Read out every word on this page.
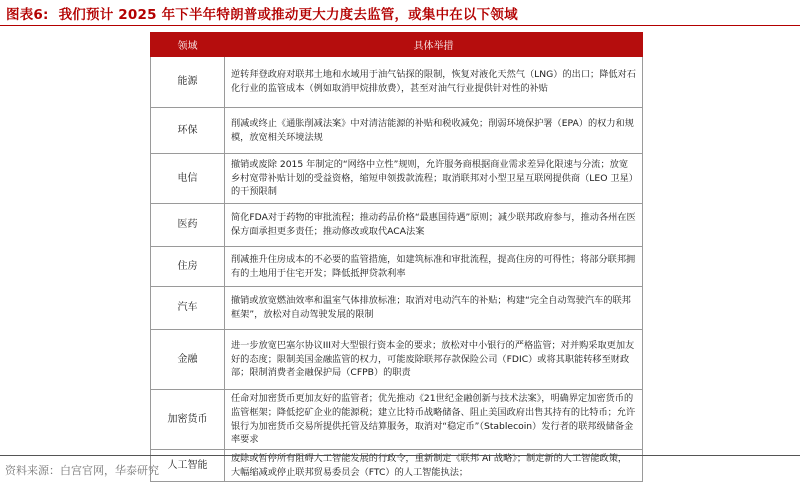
图表6: 我们预计 2025 年下半年特朗普或推动更大力度去监管，或集中在以下领域
领域	具体举措
能源	逆转拜登政府对联邦土地和水域用于油气钻探的限制，恢复对液化天然气（LNG）的出口；降低对石化行业的监管成本（例如取消甲烷排放费），甚至对油气行业提供针对性的补贴
环保	削减或终止《通胀削减法案》中对清洁能源的补贴和税收减免；削弱环境保护署（EPA）的权力和规模，放宽相关环境法规
电信	撤销或废除 2015 年制定的“网络中立性”规则，允许服务商根据商业需求差异化限速与分流；放宽乡村宽带补贴计划的受益资格，缩短申领拨款流程；取消联邦对小型卫星互联网提供商（LEO 卫星）的干预限制
医药	简化FDA对于药物的审批流程；推动药品价格“最惠国待遇”原则；减少联邦政府参与，推动各州在医保方面承担更多责任；推动修改或取代ACA法案
住房	削减推升住房成本的不必要的监管措施，如建筑标准和审批流程，提高住房的可得性；将部分联邦拥有的土地用于住宅开发；降低抵押贷款利率
汽车	撤销或放宽燃油效率和温室气体排放标准；取消对电动汽车的补贴；构建“完全自动驾驶汽车的联邦框架”，放松对自动驾驶发展的限制
金融	进一步放宽巴塞尔协议III对大型银行资本金的要求；放松对中小银行的严格监管；对并购采取更加友好的态度；限制美国金融监管的权力，可能废除联邦存款保险公司（FDIC）或将其职能转移至财政部；限制消费者金融保护局（CFPB）的职责
加密货币	任命对加密货币更加友好的监管者；优先推动《21世纪金融创新与技术法案》，明确界定加密货币的监管框架；降低挖矿企业的能源税；建立比特币战略储备、阻止美国政府出售其持有的比特币；允许银行为加密货币交易所提供托管及结算服务，取消对“稳定币”（Stablecoin）发行者的联邦级储备金率要求
人工智能	废除或暂停所有阻碍人工智能发展的行政令，重新制定《联邦 AI 战略》；制定新的人工智能政策，大幅缩减或停止联邦贸易委员会（FTC）的人工智能执法；
资料来源：白宫官网，华泰研究
